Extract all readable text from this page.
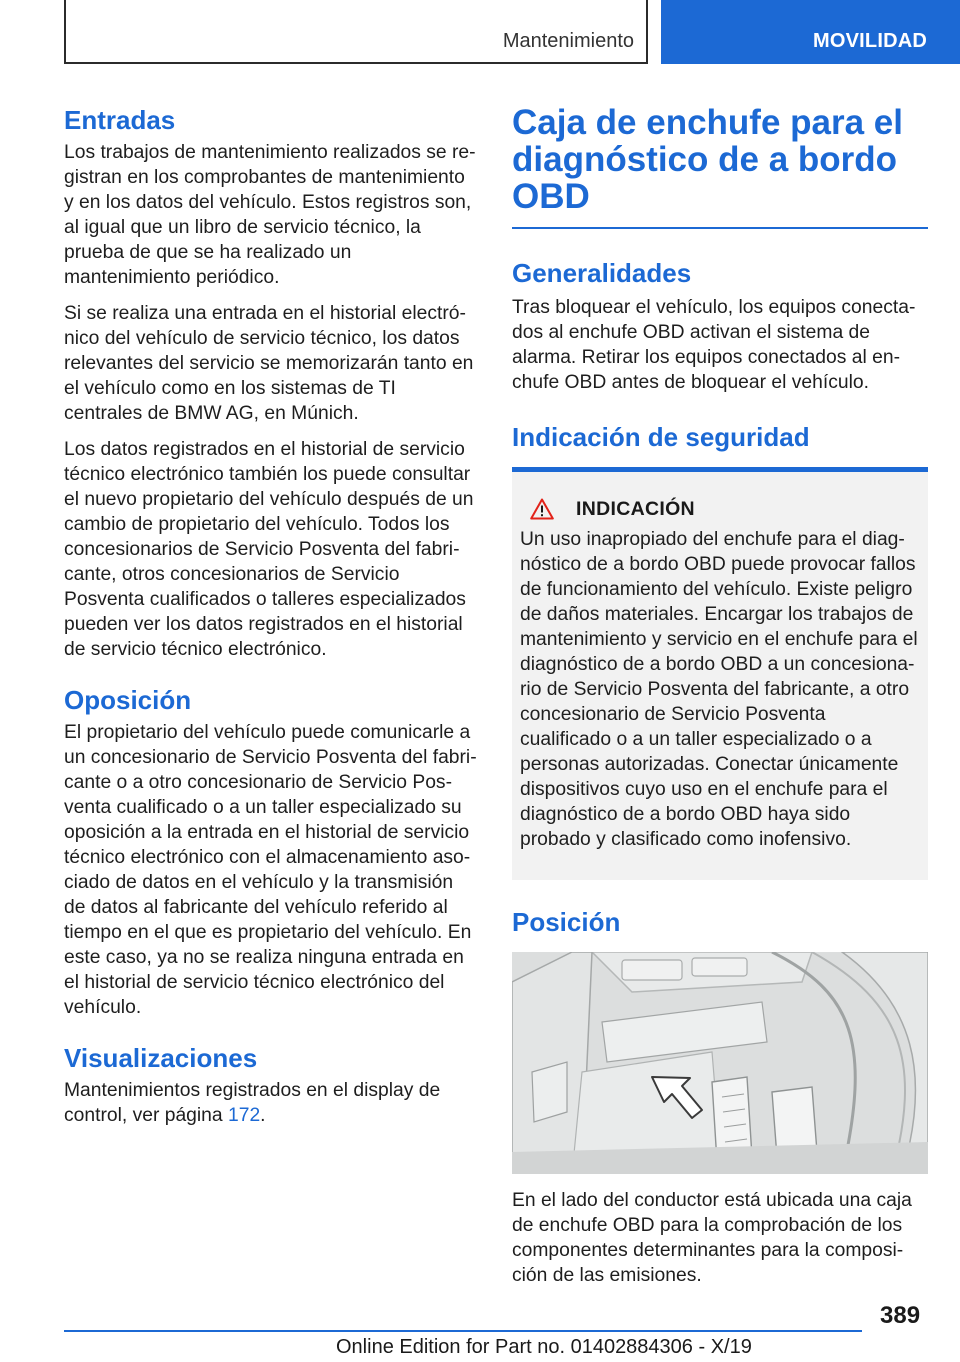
Mantenimiento	MOVILIDAD
Entradas

Los trabajos de mantenimiento realizados se registran en los comprobantes de mantenimiento y en los datos del vehículo. Estos registros son, al igual que un libro de servicio técnico, la prueba de que se ha realizado un mantenimiento periódico.

Si se realiza una entrada en el historial electrónico del vehículo de servicio técnico, los datos relevantes del servicio se memorizarán tanto en el vehículo como en los sistemas de TI centrales de BMW AG, en Múnich.

Los datos registrados en el historial de servicio técnico electrónico también los puede consultar el nuevo propietario del vehículo después de un cambio de propietario del vehículo. Todos los concesionarios de Servicio Posventa del fabricante, otros concesionarios de Servicio Posventa cualificados o talleres especializados pueden ver los datos registrados en el historial de servicio técnico electrónico.

Oposición

El propietario del vehículo puede comunicarle a un concesionario de Servicio Posventa del fabricante o a otro concesionario de Servicio Posventa cualificado o a un taller especializado su oposición a la entrada en el historial de servicio técnico electrónico con el almacenamiento asociado de datos en el vehículo y la transmisión de datos al fabricante del vehículo referido al tiempo en el que es propietario del vehículo. En este caso, ya no se realiza ninguna entrada en el historial de servicio técnico electrónico del vehículo.

Visualizaciones

Mantenimientos registrados en el display de control, ver página 172.

Caja de enchufe para el diagnóstico de a bordo OBD
Generalidades

Tras bloquear el vehículo, los equipos conectados al enchufe OBD activan el sistema de alarma. Retirar los equipos conectados al enchufe OBD antes de bloquear el vehículo.

Indicación de seguridad
INDICACIÓN

Un uso inapropiado del enchufe para el diagnóstico de a bordo OBD puede provocar fallos de funcionamiento del vehículo. Existe peligro de daños materiales. Encargar los trabajos de mantenimiento y servicio en el enchufe para el diagnóstico de a bordo OBD a un concesionario de Servicio Posventa del fabricante, a otro concesionario de Servicio Posventa cualificado o a un taller especializado o a personas autorizadas. Conectar únicamente dispositivos cuyo uso en el enchufe para el diagnóstico de a bordo OBD haya sido probado y clasificado como inofensivo.

Posición

En el lado del conductor está ubicada una caja de enchufe OBD para la comprobación de los componentes determinantes para la composición de las emisiones.

389
Online Edition for Part no. 01402884306 - X/19
